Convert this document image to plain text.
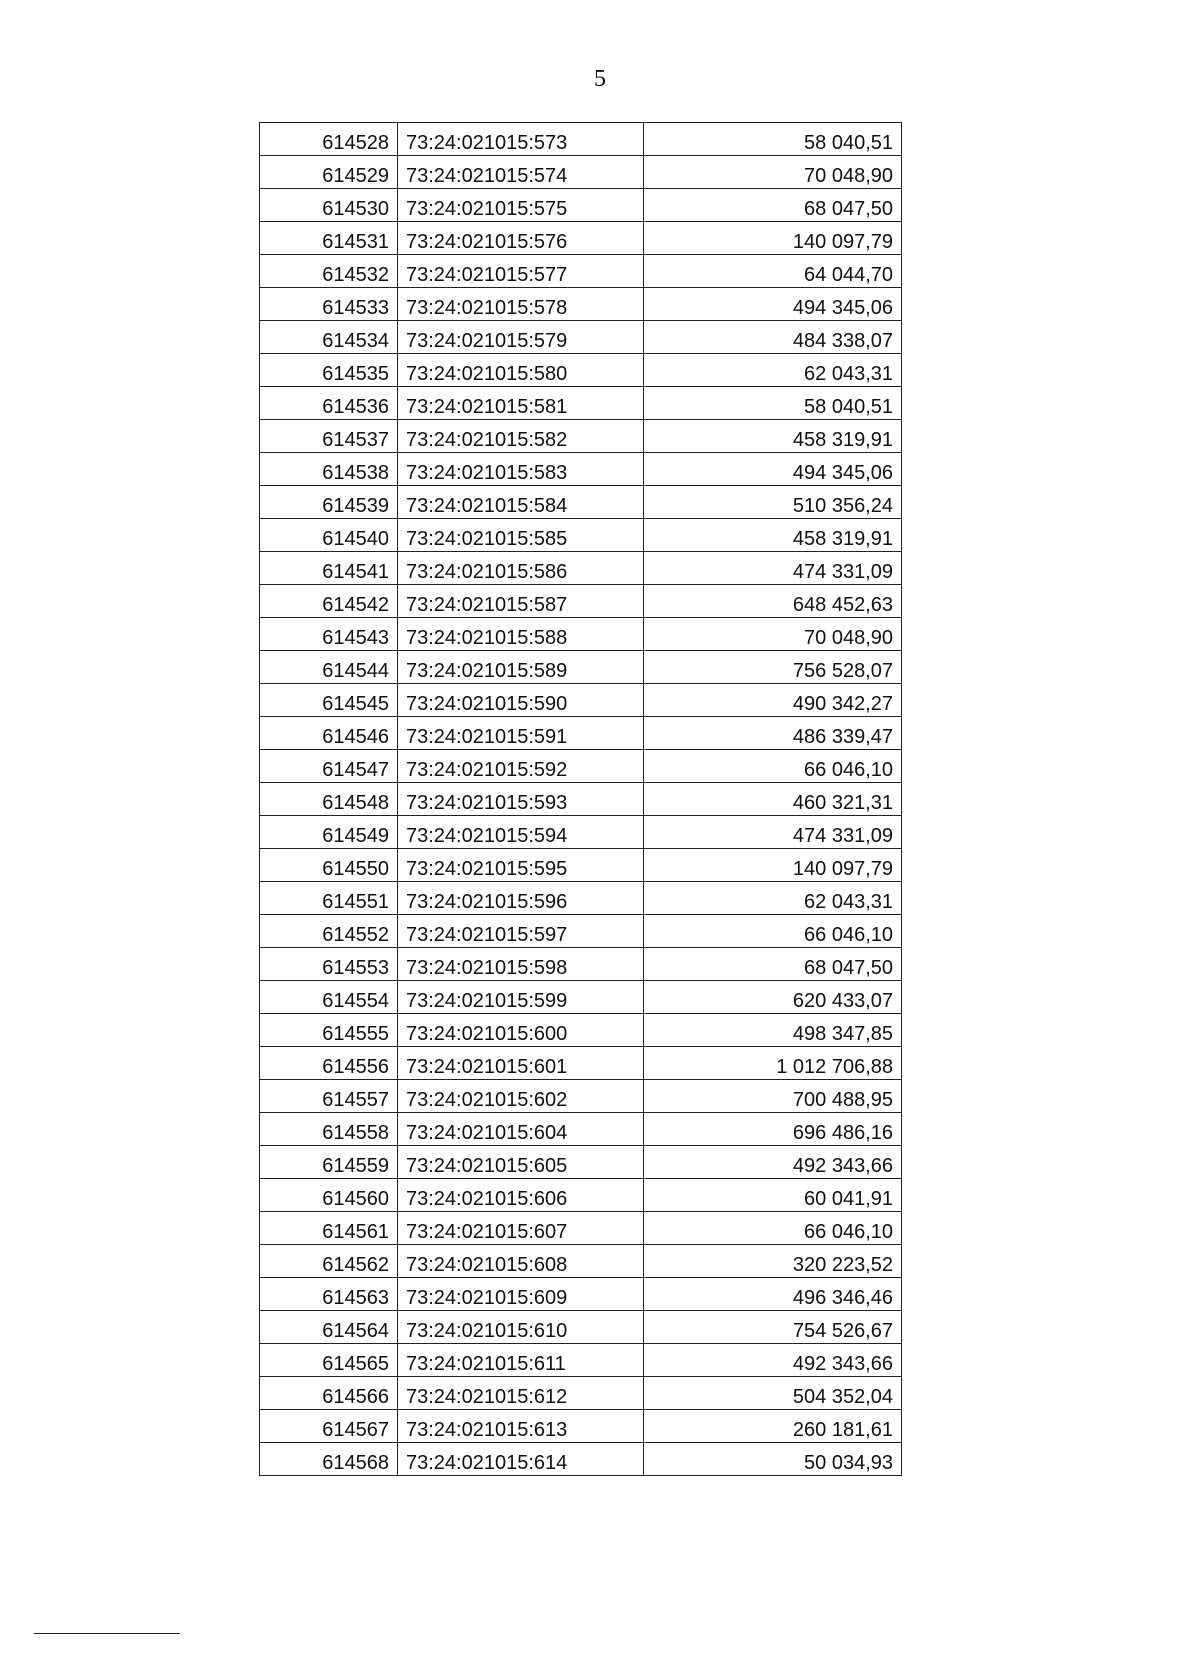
5
614528	73:24:021015:573	58 040,51
614529	73:24:021015:574	70 048,90
614530	73:24:021015:575	68 047,50
614531	73:24:021015:576	140 097,79
614532	73:24:021015:577	64 044,70
614533	73:24:021015:578	494 345,06
614534	73:24:021015:579	484 338,07
614535	73:24:021015:580	62 043,31
614536	73:24:021015:581	58 040,51
614537	73:24:021015:582	458 319,91
614538	73:24:021015:583	494 345,06
614539	73:24:021015:584	510 356,24
614540	73:24:021015:585	458 319,91
614541	73:24:021015:586	474 331,09
614542	73:24:021015:587	648 452,63
614543	73:24:021015:588	70 048,90
614544	73:24:021015:589	756 528,07
614545	73:24:021015:590	490 342,27
614546	73:24:021015:591	486 339,47
614547	73:24:021015:592	66 046,10
614548	73:24:021015:593	460 321,31
614549	73:24:021015:594	474 331,09
614550	73:24:021015:595	140 097,79
614551	73:24:021015:596	62 043,31
614552	73:24:021015:597	66 046,10
614553	73:24:021015:598	68 047,50
614554	73:24:021015:599	620 433,07
614555	73:24:021015:600	498 347,85
614556	73:24:021015:601	1 012 706,88
614557	73:24:021015:602	700 488,95
614558	73:24:021015:604	696 486,16
614559	73:24:021015:605	492 343,66
614560	73:24:021015:606	60 041,91
614561	73:24:021015:607	66 046,10
614562	73:24:021015:608	320 223,52
614563	73:24:021015:609	496 346,46
614564	73:24:021015:610	754 526,67
614565	73:24:021015:611	492 343,66
614566	73:24:021015:612	504 352,04
614567	73:24:021015:613	260 181,61
614568	73:24:021015:614	50 034,93
